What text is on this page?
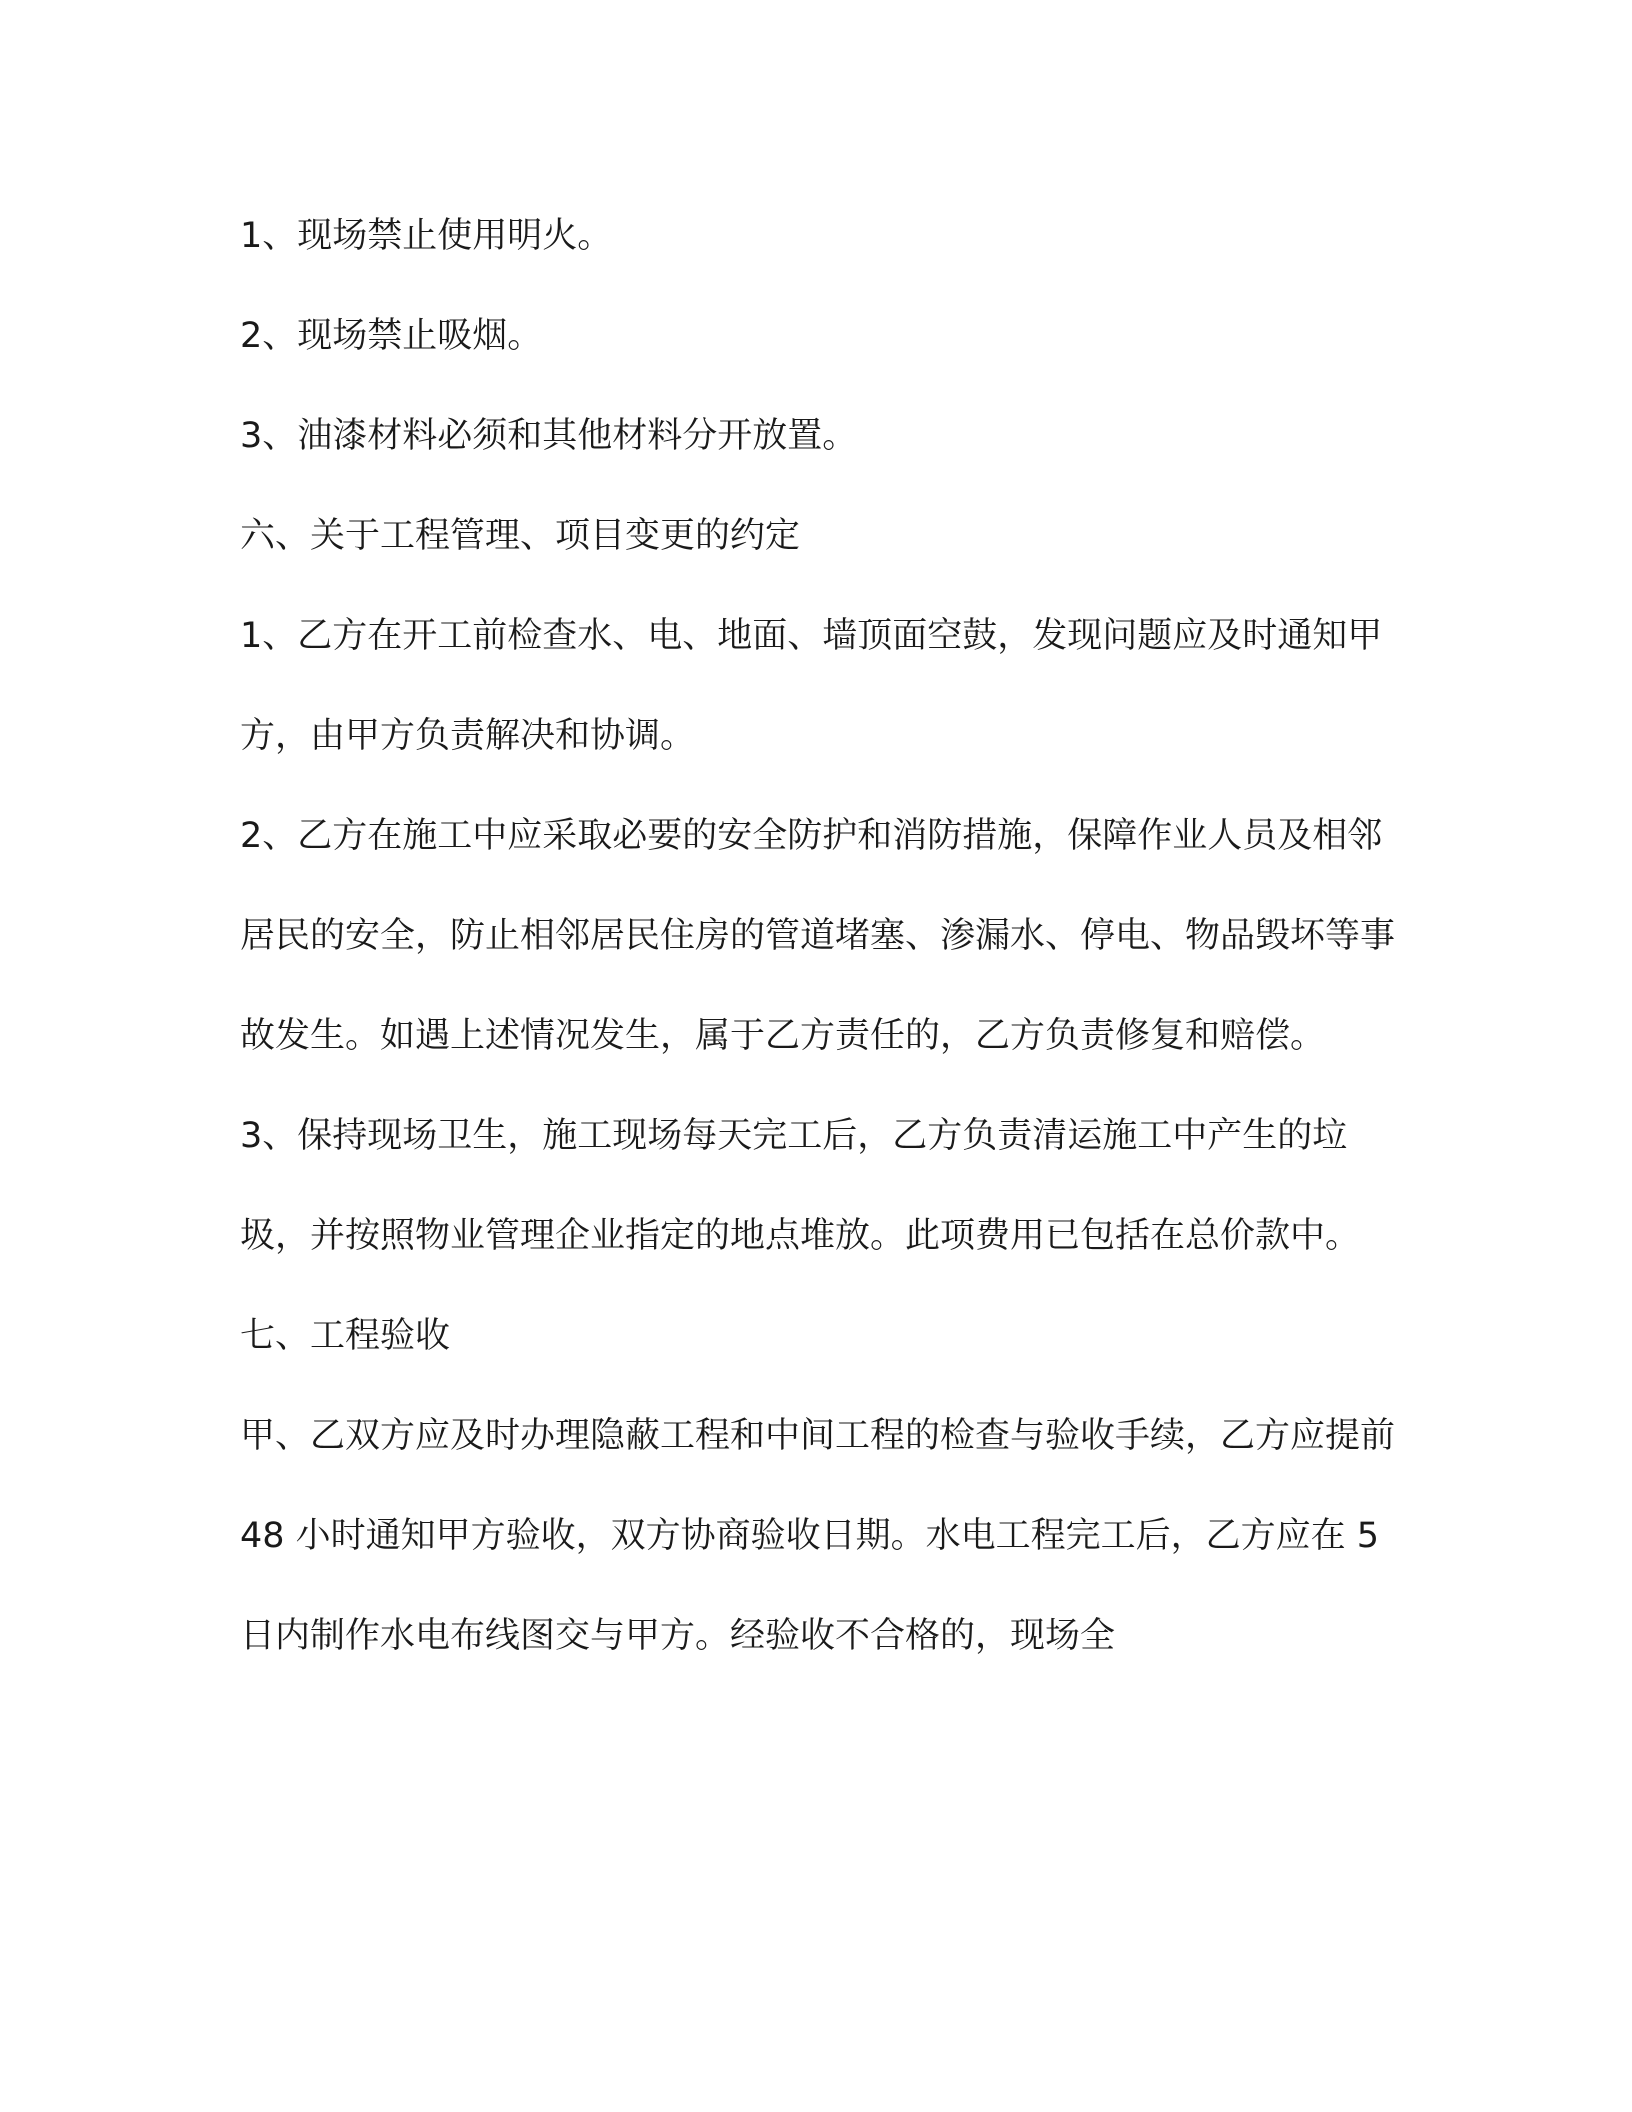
1、现场禁止使用明火。

2、现场禁止吸烟。

3、油漆材料必须和其他材料分开放置。

六、关于工程管理、项目变更的约定

1、乙方在开工前检查水、电、地面、墙顶面空鼓，发现问题应及时通知甲方，由甲方负责解决和协调。

2、乙方在施工中应采取必要的安全防护和消防措施，保障作业人员及相邻居民的安全，防止相邻居民住房的管道堵塞、渗漏水、停电、物品毁坏等事故发生。如遇上述情况发生，属于乙方责任的，乙方负责修复和赔偿。

3、保持现场卫生，施工现场每天完工后，乙方负责清运施工中产生的垃圾，并按照物业管理企业指定的地点堆放。此项费用已包括在总价款中。

七、工程验收

甲、乙双方应及时办理隐蔽工程和中间工程的检查与验收手续，乙方应提前 48 小时通知甲方验收，双方协商验收日期。水电工程完工后，乙方应在 5 日内制作水电布线图交与甲方。经验收不合格的，现场全
